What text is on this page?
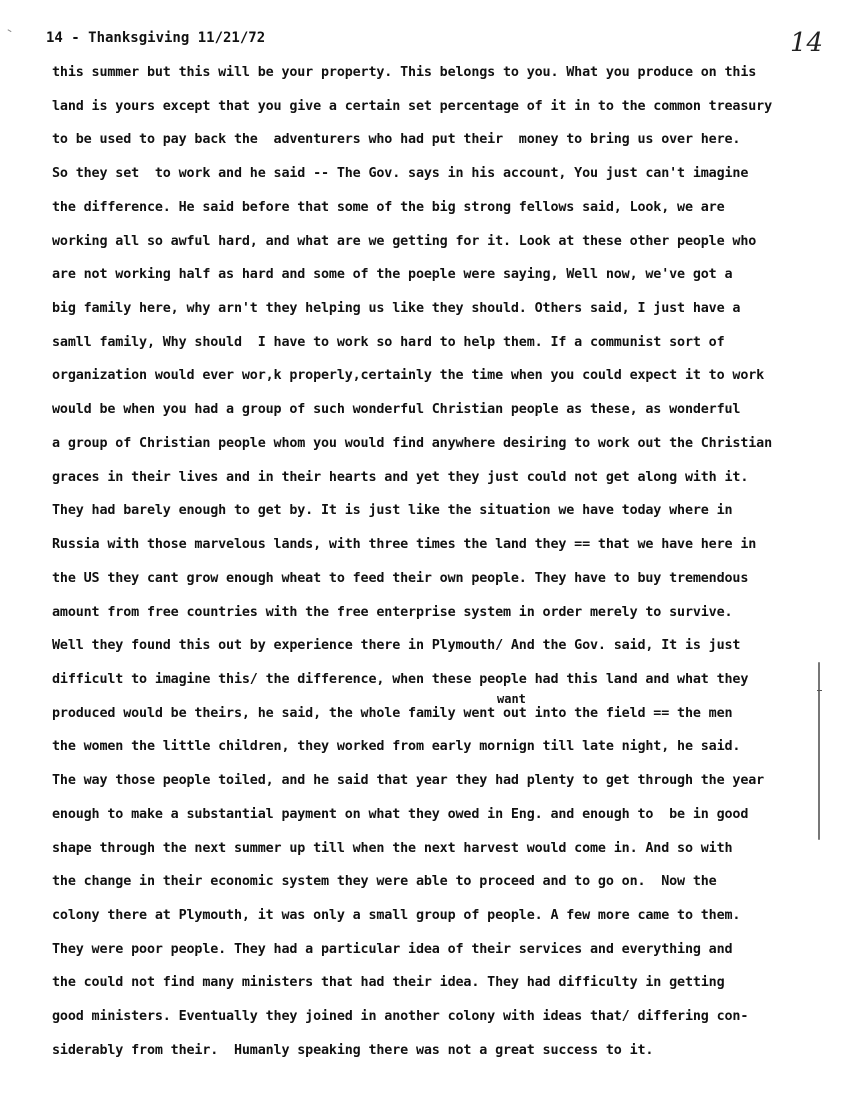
14 - Thanksgiving 11/21/72	14
want
this summer but this will be your property. This belongs to you. What you produce on this
land is yours except that you give a certain set percentage of it in to the common treasury
to be used to pay back the  adventurers who had put their  money to bring us over here.
So they set  to work and he said -- The Gov. says in his account, You just can't imagine
the difference. He said before that some of the big strong fellows said, Look, we are
working all so awful hard, and what are we getting for it. Look at these other people who
are not working half as hard and some of the poeple were saying, Well now, we've got a
big family here, why arn't they helping us like they should. Others said, I just have a
samll family, Why should  I have to work so hard to help them. If a communist sort of
organization would ever wor,k properly,certainly the time when you could expect it to work
would be when you had a group of such wonderful Christian people as these, as wonderful
a group of Christian people whom you would find anywhere desiring to work out the Christian
graces in their lives and in their hearts and yet they just could not get along with it.
They had barely enough to get by. It is just like the situation we have today where in
Russia with those marvelous lands, with three times the land they == that we have here in
the US they cant grow enough wheat to feed their own people. They have to buy tremendous
amount from free countries with the free enterprise system in order merely to survive.
Well they found this out by experience there in Plymouth/ And the Gov. said, It is just
difficult to imagine this/ the difference, when these people had this land and what they
produced would be theirs, he said, the whole family went out into the field == the men
the women the little children, they worked from early mornign till late night, he said.
The way those people toiled, and he said that year they had plenty to get through the year
enough to make a substantial payment on what they owed in Eng. and enough to  be in good
shape through the next summer up till when the next harvest would come in. And so with
the change in their economic system they were able to proceed and to go on.  Now the
colony there at Plymouth, it was only a small group of people. A few more came to them.
They were poor people. They had a particular idea of their services and everything and
the could not find many ministers that had their idea. They had difficulty in getting
good ministers. Eventually they joined in another colony with ideas that/ differing con-
siderably from their.  Humanly speaking there was not a great success to it.
